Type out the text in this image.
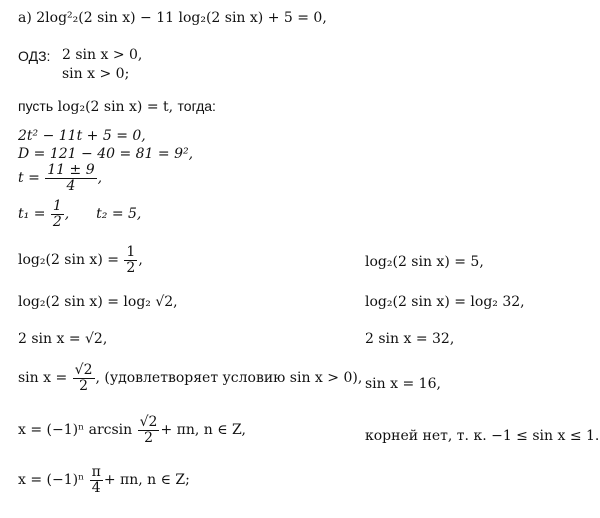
а) 2log²₂(2 sin x) − 11 log₂(2 sin x) + 5 = 0,
ОДЗ: 2 sin x > 0,
sin x > 0;
пусть log₂(2 sin x) = t, тогда:
2t² − 11t + 5 = 0,
D = 121 − 40 = 81 = 9²,
$t = \frac{11 \pm 9}{4}$ ,
$t_1 = \frac{1}{2}$ , t₂ = 5,
log₂(2 $\sin x) = \frac{1}{2}$ ,
log₂(2 sin x) = log₂ √2,
2 sin x = √2,
$\sin x = \frac{√2}{2}$ , (удовлетворяет условию sin x > 0),
x = (−1)ⁿ $\arcsin \frac{√2}{2} + \pi n$, n ∈ Z,
$x = (-1)^n \frac{\pi}{4} + \pi n$, n ∈ Z;
log₂(2 sin x) = 5,
log₂(2 sin x) = log₂ 32,
2 sin x = 32,
sin x = 16,
корней нет, т. к. −1 ≤ sin x ≤ 1.
